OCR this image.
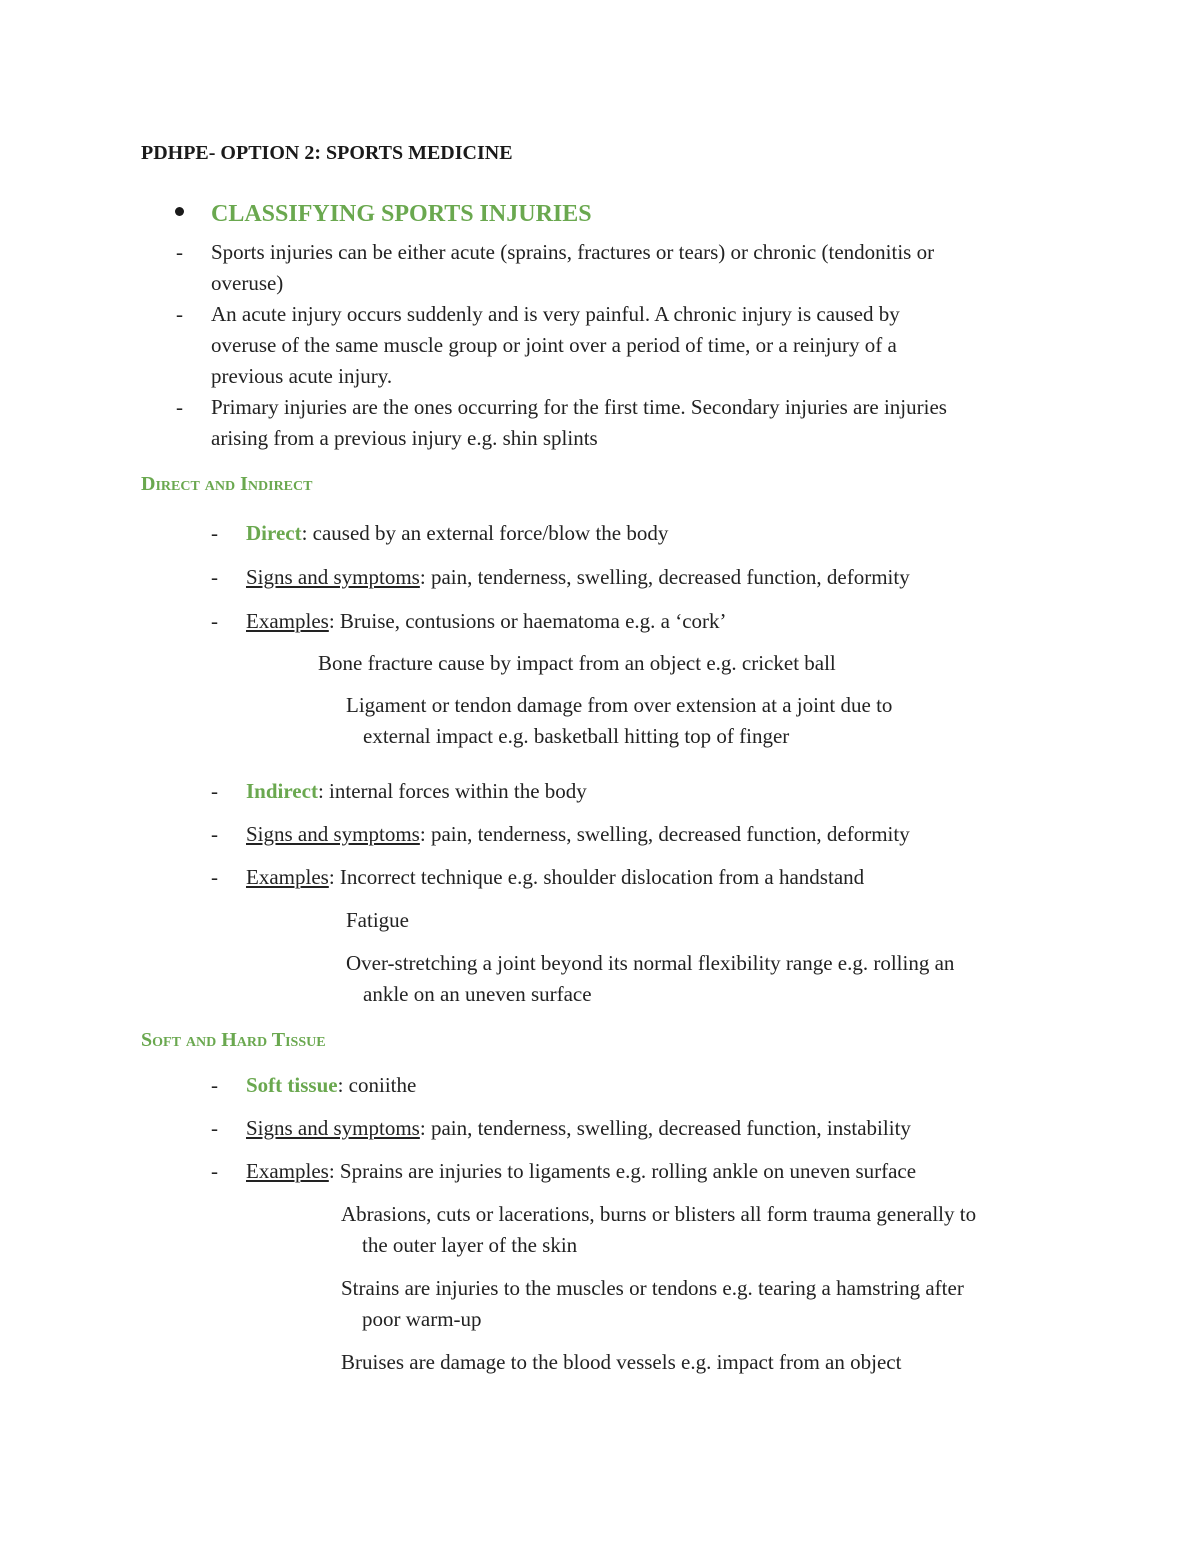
PDHPE- OPTION 2: SPORTS MEDICINE
CLASSIFYING SPORTS INJURIES
- Sports injuries can be either acute (sprains, fractures or tears) or chronic (tendonitis or
overuse)
- An acute injury occurs suddenly and is very painful. A chronic injury is caused by
overuse of the same muscle group or joint over a period of time, or a reinjury of a
previous acute injury.
- Primary injuries are the ones occurring for the first time. Secondary injuries are injuries
arising from a previous injury e.g. shin splints
Direct and Indirect
- Direct: caused by an external force/blow the body
- Signs and symptoms: pain, tenderness, swelling, decreased function, deformity
- Examples: Bruise, contusions or haematoma e.g. a ‘cork’
Bone fracture cause by impact from an object e.g. cricket ball
Ligament or tendon damage from over extension at a joint due to
external impact e.g. basketball hitting top of finger
- Indirect: internal forces within the body
- Signs and symptoms: pain, tenderness, swelling, decreased function, deformity
- Examples: Incorrect technique e.g. shoulder dislocation from a handstand
Fatigue
Over-stretching a joint beyond its normal flexibility range e.g. rolling an
ankle on an uneven surface
Soft and Hard Tissue
- Soft tissue: coniithe
- Signs and symptoms: pain, tenderness, swelling, decreased function, instability
- Examples: Sprains are injuries to ligaments e.g. rolling ankle on uneven surface
Abrasions, cuts or lacerations, burns or blisters all form trauma generally to
the outer layer of the skin
Strains are injuries to the muscles or tendons e.g. tearing a hamstring after
poor warm-up
Bruises are damage to the blood vessels e.g. impact from an object
